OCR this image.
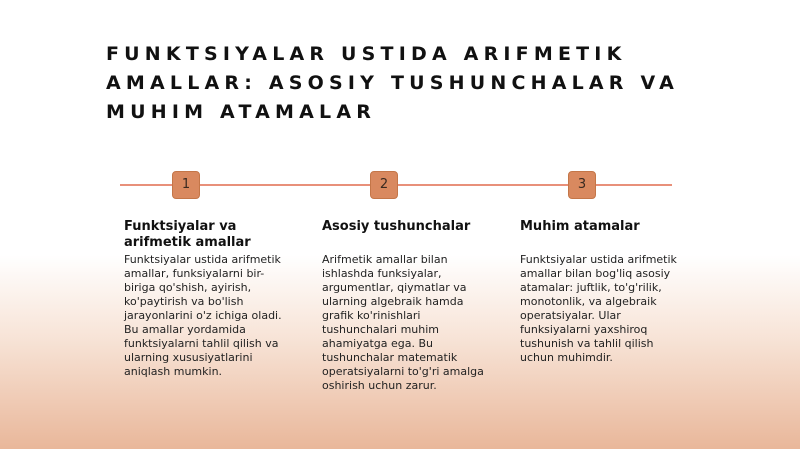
FUNKTSIYALAR USTIDA ARIFMETIK AMALLAR: ASOSIY TUSHUNCHALAR VA MUHIM ATAMALAR
1	2	3
Funktsiyalar va arifmetik amallar

Funktsiyalar ustida arifmetik amallar, funksiyalarni bir-biriga qo'shish, ayirish, ko'paytirish va bo'lish jarayonlarini o'z ichiga oladi. Bu amallar yordamida funktsiyalarni tahlil qilish va ularning xususiyatlarini aniqlash mumkin.

Asosiy tushunchalar

Arifmetik amallar bilan ishlashda funksiyalar, argumentlar, qiymatlar va ularning algebraik hamda grafik ko'rinishlari tushunchalari muhim ahamiyatga ega. Bu tushunchalar matematik operatsiyalarni to'g'ri amalga oshirish uchun zarur.

Muhim atamalar

Funktsiyalar ustida arifmetik amallar bilan bog'liq asosiy atamalar: juftlik, to'g'rilik, monotonlik, va algebraik operatsiyalar. Ular funksiyalarni yaxshiroq tushunish va tahlil qilish uchun muhimdir.
